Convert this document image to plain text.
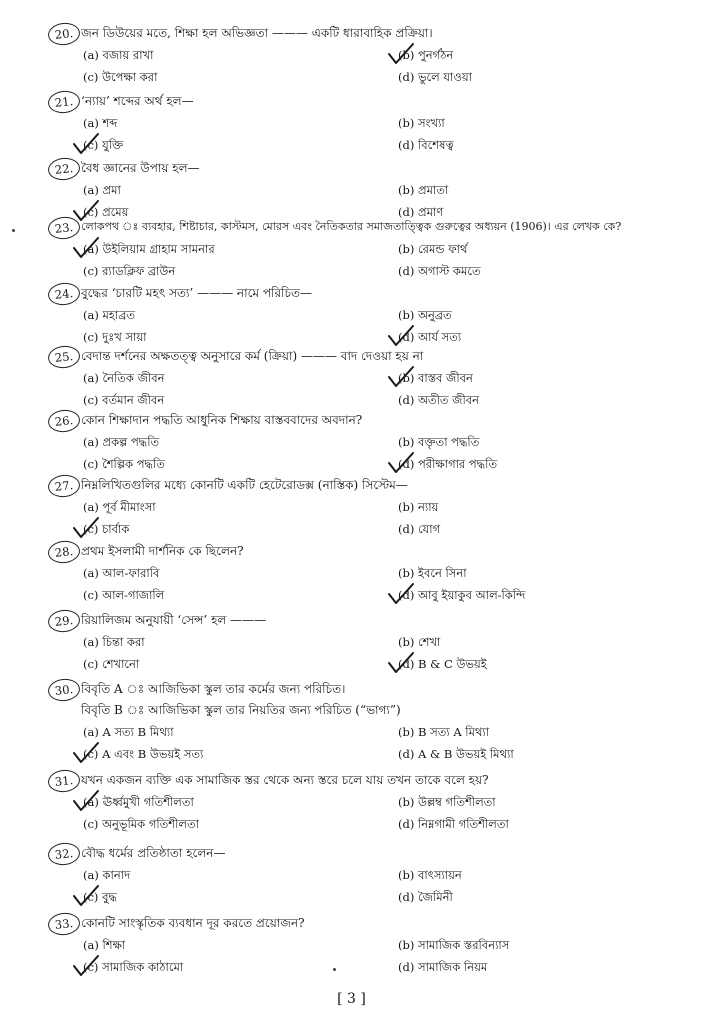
20. জন ডিউয়ের মতে, শিক্ষা হল অভিজ্ঞতা ——— একটি ধারাবাহিক প্রক্রিয়া।
(a) বজায় রাখা	(b) পুনর্গঠন
(c) উপেক্ষা করা	(d) ভুলে যাওয়া
21. ‘ন্যায়’ শব্দের অর্থ হল—
(a) শব্দ	(b) সংখ্যা
(c) যুক্তি	(d) বিশেষত্ব
22. বৈধ জ্ঞানের উপায় হল—
(a) প্রমা	(b) প্রমাতা
(c) প্রমেয়	(d) প্রমাণ
23. লোকপথ ঃ ব্যবহার, শিষ্টাচার, কাস্টমস, মোরস এবং নৈতিকতার সমাজতাত্ত্বিক গুরুত্বের অধ্যয়ন (1906)। এর লেখক কে?
(a) উইলিয়াম গ্রাহাম সামনার	(b) রেমন্ড ফার্থ
(c) র‍্যাডক্লিফ ব্রাউন	(d) অগাস্ট কমতে
24. বুদ্ধের ‘চারটি মহৎ সত্য’ ——— নামে পরিচিত—
(a) মহাব্রত	(b) অনুব্রত
(c) দুঃখ সায়া	(d) আর্য সত্য
25. বেদান্ত দর্শনের অক্ষতত্ত্ব অনুসারে কর্ম (ক্রিয়া) ——— বাদ দেওয়া হয় না
(a) নৈতিক জীবন	(b) বাস্তব জীবন
(c) বর্তমান জীবন	(d) অতীত জীবন
26. কোন শিক্ষাদান পদ্ধতি আধুনিক শিক্ষায় বাস্তববাদের অবদান?
(a) প্রকল্প পদ্ধতি	(b) বক্তৃতা পদ্ধতি
(c) শৈল্পিক পদ্ধতি	(d) পরীক্ষাগার পদ্ধতি
27. নিম্নলিখিতগুলির মধ্যে কোনটি একটি হেটেরোডক্স (নাস্তিক) সিস্টেম—
(a) পূর্ব মীমাংসা	(b) ন্যায়
(c) চার্বাক	(d) যোগ
28. প্রথম ইসলামী দার্শনিক কে ছিলেন?
(a) আল-ফারাবি	(b) ইবনে সিনা
(c) আল-গাজালি	(d) আবু ইয়াকুব আল-কিন্দি
29. রিয়ালিজম অনুযায়ী ‘সেন্স’ হল ———
(a) চিন্তা করা	(b) শেখা
(c) শেখানো	(d) B & C উভয়ই
30. বিবৃতি A ঃ আজিভিকা স্কুল তার কর্মের জন্য পরিচিত।
বিবৃতি B ঃ আজিভিকা স্কুল তার নিয়তির জন্য পরিচিত (“ভাগ্য”)
(a) A সত্য B মিথ্যা	(b) B সত্য A মিথ্যা
(c) A এবং B উভয়ই সত্য	(d) A & B উভয়ই মিথ্যা
31. যখন একজন ব্যক্তি এক সামাজিক স্তর থেকে অন্য স্তরে চলে যায় তখন তাকে বলে হয়?
(a) ঊর্ধ্বমুখী গতিশীলতা	(b) উল্লম্ব গতিশীলতা
(c) অনুভূমিক গতিশীলতা	(d) নিম্নগামী গতিশীলতা
32. বৌদ্ধ ধর্মের প্রতিষ্ঠাতা হলেন—
(a) কানাদ	(b) বাৎস্যায়ন
(c) বুদ্ধ	(d) জৈমিনী
33. কোনটি সাংস্কৃতিক ব্যবধান দূর করতে প্রয়োজন?
(a) শিক্ষা	(b) সামাজিক স্তরবিন্যাস
(c) সামাজিক কাঠামো	(d) সামাজিক নিয়ম
[ 3 ]
